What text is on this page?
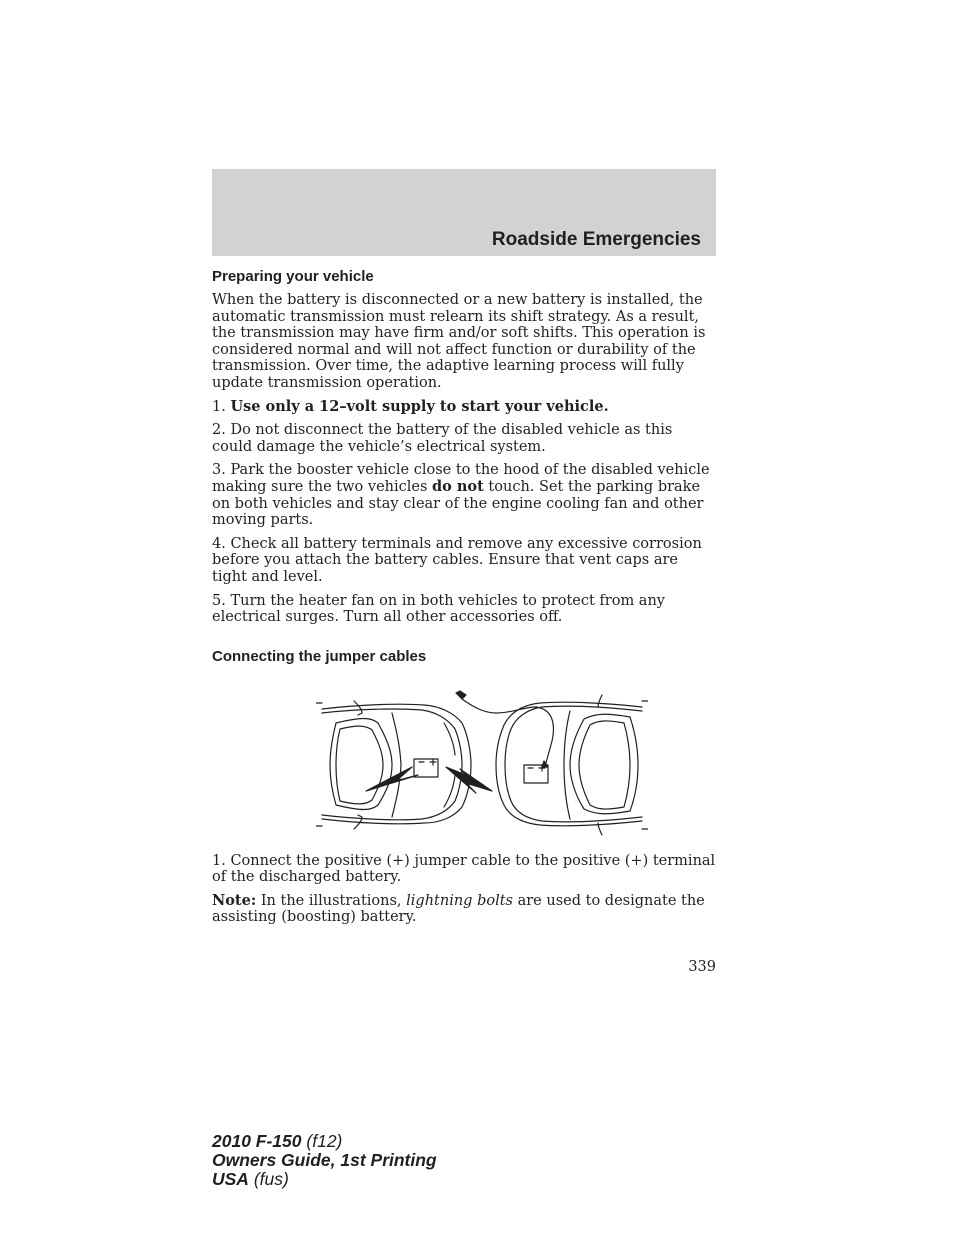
Roadside Emergencies
Preparing your vehicle

When the battery is disconnected or a new battery is installed, the automatic transmission must relearn its shift strategy. As a result, the transmission may have firm and/or soft shifts. This operation is considered normal and will not affect function or durability of the transmission. Over time, the adaptive learning process will fully update transmission operation.

1. Use only a 12–volt supply to start your vehicle.

2. Do not disconnect the battery of the disabled vehicle as this could damage the vehicle’s electrical system.

3. Park the booster vehicle close to the hood of the disabled vehicle making sure the two vehicles do not touch. Set the parking brake on both vehicles and stay clear of the engine cooling fan and other moving parts.

4. Check all battery terminals and remove any excessive corrosion before you attach the battery cables. Ensure that vent caps are tight and level.

5. Turn the heater fan on in both vehicles to protect from any electrical surges. Turn all other accessories off.

Connecting the jumper cables

1. Connect the positive (+) jumper cable to the positive (+) terminal of the discharged battery.

Note: In the illustrations, lightning bolts are used to designate the assisting (boosting) battery.

339
2010 F-150 (f12)
Owners Guide, 1st Printing
USA (fus)
